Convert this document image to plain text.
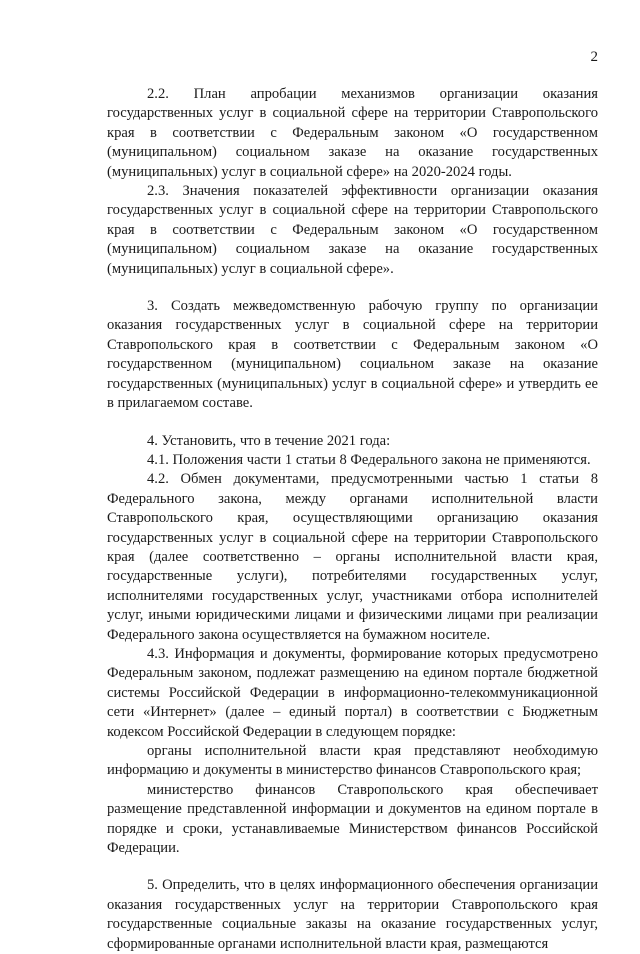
2

2.2. План апробации механизмов организации оказания государственных услуг в социальной сфере на территории Ставропольского края в соответствии с Федеральным законом «О государственном (муниципальном) социальном заказе на оказание государственных (муниципальных) услуг в социальной сфере» на 2020-2024 годы.

2.3. Значения показателей эффективности организации оказания государственных услуг в социальной сфере на территории Ставропольского края в соответствии с Федеральным законом «О государственном (муниципальном) социальном заказе на оказание государственных (муниципальных) услуг в социальной сфере».

3. Создать межведомственную рабочую группу по организации оказания государственных услуг в социальной сфере на территории Ставропольского края в соответствии с Федеральным законом «О государственном (муниципальном) социальном заказе на оказание государственных (муниципальных) услуг в социальной сфере» и утвердить ее в прилагаемом составе.

4. Установить, что в течение 2021 года:

4.1. Положения части 1 статьи 8 Федерального закона не применяются.

4.2. Обмен документами, предусмотренными частью 1 статьи 8 Федерального закона, между органами исполнительной власти Ставропольского края, осуществляющими организацию оказания государственных услуг в социальной сфере на территории Ставропольского края (далее соответственно – органы исполнительной власти края, государственные услуги), потребителями государственных услуг, исполнителями государственных услуг, участниками отбора исполнителей услуг, иными юридическими лицами и физическими лицами при реализации Федерального закона осуществляется на бумажном носителе.

4.3. Информация и документы, формирование которых предусмотрено Федеральным законом, подлежат размещению на едином портале бюджетной системы Российской Федерации в информационно-телекоммуникационной сети «Интернет» (далее – единый портал) в соответствии с Бюджетным кодексом Российской Федерации в следующем порядке:

органы исполнительной власти края представляют необходимую информацию и документы в министерство финансов Ставропольского края;

министерство финансов Ставропольского края обеспечивает размещение представленной информации и документов на едином портале в порядке и сроки, устанавливаемые Министерством финансов Российской Федерации.

5. Определить, что в целях информационного обеспечения организации оказания государственных услуг на территории Ставропольского края государственные социальные заказы на оказание государственных услуг, сформированные органами исполнительной власти края, размещаются
